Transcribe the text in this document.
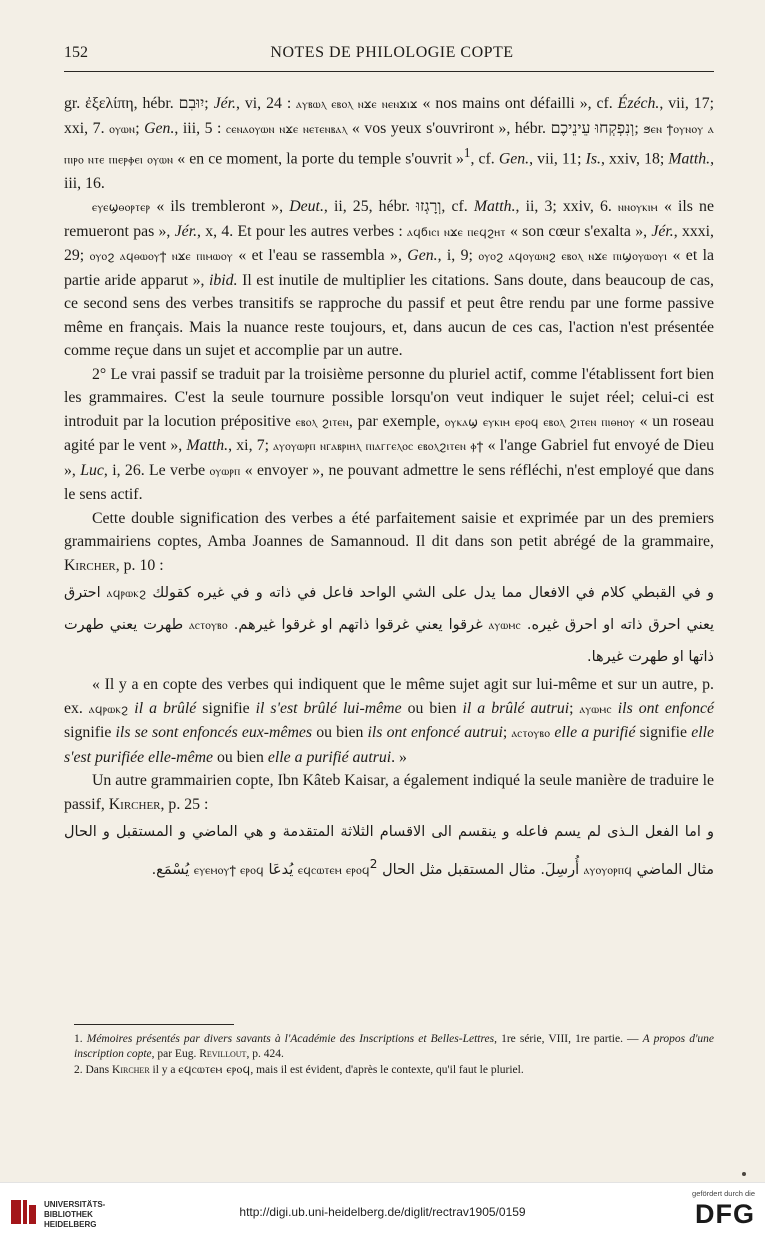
152	NOTES DE PHILOLOGIE COPTE

gr. ἐξελίπη, hébr. ‏יִוּבִם‏; Jér., vi, 24 : ⲁⲩⲃⲱⲗ ⲉⲃⲟⲗ ⲛϫⲉ ⲛⲉⲛϫⲓϫ « nos mains ont défailli », cf. Ézéch., vii, 17; xxi, 7. ⲟⲩⲱⲛ; Gen., iii, 5 : ⲥⲉⲛⲁⲟⲩⲱⲛ ⲛϫⲉ ⲛⲉⲧⲉⲛⲃⲁⲗ « vos yeux s'ouvriront », hébr. ‏וְנִפְקְחוּ עֵינֵיכֶם‏; ϧⲉⲛ ϯⲟⲩⲛⲟⲩ ⲁ ⲡⲓⲣⲟ ⲛⲧⲉ ⲡⲓⲉⲣⲫⲉⲓ ⲟⲩⲱⲛ « en ce moment, la porte du temple s'ouvrit »$^1$, cf. Gen., vii, 11; Is., xxiv, 18; Matth., iii, 16.

ⲉⲩⲉϣⲑⲟⲣⲧⲉⲣ « ils trembleront », Deut., ii, 25, hébr. ‏וְרָגְזוּ‏, cf. Matth., ii, 3; xxiv, 6. ⲛⲛⲟⲩⲕⲓⲙ « ils ne remueront pas », Jér., x, 4. Et pour les autres verbes : ⲁϥϭⲓⲥⲓ ⲛϫⲉ ⲡⲉϥϩⲏⲧ « son cœur s'exalta », Jér., xxxi, 29; ⲟⲩⲟϩ ⲁϥⲑⲱⲟⲩϯ ⲛϫⲉ ⲡⲓⲙⲱⲟⲩ « et l'eau se rassembla », Gen., i, 9; ⲟⲩⲟϩ ⲁϥⲟⲩⲱⲛϩ ⲉⲃⲟⲗ ⲛϫⲉ ⲡⲓϣⲟⲩⲱⲟⲩⲓ « et la partie aride apparut », ibid. Il est inutile de multiplier les citations. Sans doute, dans beaucoup de cas, ce second sens des verbes transitifs se rapproche du passif et peut être rendu par une forme passive même en français. Mais la nuance reste toujours, et, dans aucun de ces cas, l'action n'est présentée comme reçue dans un sujet et accomplie par un autre.

2° Le vrai passif se traduit par la troisième personne du pluriel actif, comme l'établissent fort bien les grammaires. C'est la seule tournure possible lorsqu'on veut indiquer le sujet réel; celui-ci est introduit par la locution prépositive ⲉⲃⲟⲗ ϩⲓⲧⲉⲛ, par exemple, ⲟⲩⲕⲁϣ ⲉⲩⲕⲓⲙ ⲉⲣⲟϥ ⲉⲃⲟⲗ ϩⲓⲧⲉⲛ ⲡⲓⲑⲏⲟⲩ « un roseau agité par le vent », Matth., xi, 7; ⲁⲩⲟⲩⲱⲣⲡ ⲛⲅⲁⲃⲣⲓⲏⲗ ⲡⲓⲁⲅⲅⲉⲗⲟⲥ ⲉⲃⲟⲗϩⲓⲧⲉⲛ ⲫϯ « l'ange Gabriel fut envoyé de Dieu », Luc, i, 26. Le verbe ⲟⲩⲱⲣⲡ « envoyer », ne pouvant admettre le sens réfléchi, n'est employé que dans le sens actif.

Cette double signification des verbes a été parfaitement saisie et exprimée par un des premiers grammairiens coptes, Amba Joannes de Samannoud. Il dit dans son petit abrégé de la grammaire, Kircher, p. 10 :

و في القبطي كلام في الافعال مما يدل على الشي الواحد فاعل في ذاته و في غيره كقولك ⲁϥⲣⲱⲕϩ احترق يعني احرق ذاته او احرق غيره. ⲁⲩⲱⲙⲥ غرقوا يعني غرقوا ذاتهم او غرقوا غيرهم. ⲁⲥⲧⲟⲩⲃⲟ طهرت يعني طهرت ذاتها او طهرت غيرها.

« Il y a en copte des verbes qui indiquent que le même sujet agit sur lui-même et sur un autre, p. ex. ⲁϥⲣⲱⲕϩ il a brûlé signifie il s'est brûlé lui-même ou bien il a brûlé autrui; ⲁⲩⲱⲙⲥ ils ont enfoncé signifie ils se sont enfoncés eux-mêmes ou bien ils ont enfoncé autrui; ⲁⲥⲧⲟⲩⲃⲟ elle a purifié signifie elle s'est purifiée elle-même ou bien elle a purifié autrui. »

Un autre grammairien copte, Ibn Kâteb Kaisar, a également indiqué la seule manière de traduire le passif, Kircher, p. 25 :

و اما الفعل الـذى لم يسم فاعله و ينقسم الى الاقسام الثلاثة المتقدمة و هي الماضي و المستقبل و الحال مثال الماضي ⲁⲩⲟⲩⲟⲣⲡϥ أُرسِلَ. مثال المستقبل مثل الحال ⲉϥⲥⲱⲧⲉⲙ ⲉⲣⲟϥ$^2$ يُدعَا ⲉⲩⲉⲙⲟⲩϯ ⲉⲣⲟϥ يُسْمَع.

1. Mémoires présentés par divers savants à l'Académie des Inscriptions et Belles-Lettres, 1re série, VIII, 1re partie. — A propos d'une inscription copte, par Eug. Revillout, p. 424.

2. Dans Kircher il y a ⲉϥⲥⲱⲧⲉⲙ ⲉⲣⲟϥ, mais il est évident, d'après le contexte, qu'il faut le pluriel.

UNIVERSITÄTS-
BIBLIOTHEK
HEIDELBERG
http://digi.ub.uni-heidelberg.de/diglit/rectrav1905/0159
gefördert durch die
DFG
